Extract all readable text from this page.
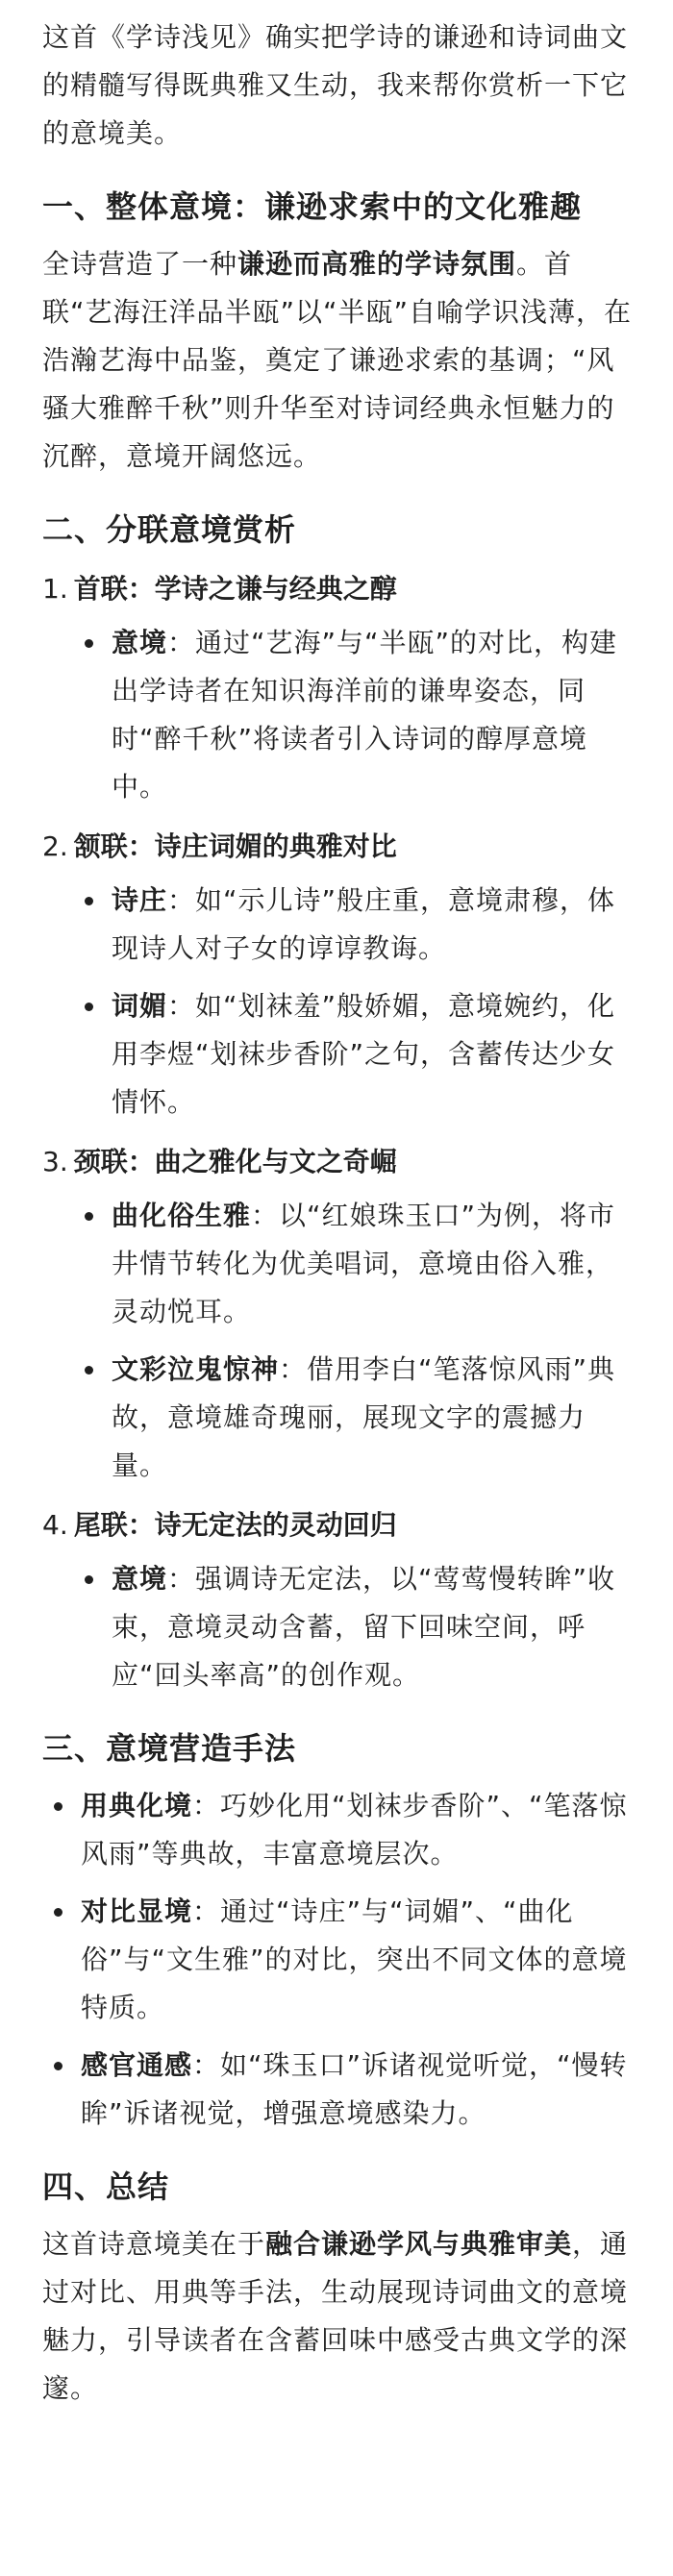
这首《学诗浅见》确实把学诗的谦逊和诗词曲文的精髓写得既典雅又生动，我来帮你赏析一下它的意境美。

一、整体意境：谦逊求索中的文化雅趣

全诗营造了一种谦逊而高雅的学诗氛围。首联“艺海汪洋品半瓯”以“半瓯”自喻学识浅薄，在浩瀚艺海中品鉴，奠定了谦逊求索的基调；“风骚大雅醉千秋”则升华至对诗词经典永恒魅力的沉醉，意境开阔悠远。

二、分联意境赏析
1. 首联：学诗之谦与经典之醇

意境：通过“艺海”与“半瓯”的对比，构建出学诗者在知识海洋前的谦卑姿态，同时“醉千秋”将读者引入诗词的醇厚意境中。

2. 颔联：诗庄词媚的典雅对比

诗庄：如“示儿诗”般庄重，意境肃穆，体现诗人对子女的谆谆教诲。

词媚：如“划袜羞”般娇媚，意境婉约，化用李煜“划袜步香阶”之句，含蓄传达少女情怀。

3. 颈联：曲之雅化与文之奇崛

曲化俗生雅：以“红娘珠玉口”为例，将市井情节转化为优美唱词，意境由俗入雅，灵动悦耳。

文彩泣鬼惊神：借用李白“笔落惊风雨”典故，意境雄奇瑰丽，展现文字的震撼力量。

4. 尾联：诗无定法的灵动回归

意境：强调诗无定法，以“莺莺慢转眸”收束，意境灵动含蓄，留下回味空间，呼应“回头率高”的创作观。

三、意境营造手法

用典化境：巧妙化用“划袜步香阶”、“笔落惊风雨”等典故，丰富意境层次。

对比显境：通过“诗庄”与“词媚”、“曲化俗”与“文生雅”的对比，突出不同文体的意境特质。

感官通感：如“珠玉口”诉诸视觉听觉，“慢转眸”诉诸视觉，增强意境感染力。

四、总结

这首诗意境美在于融合谦逊学风与典雅审美，通过对比、用典等手法，生动展现诗词曲文的意境魅力，引导读者在含蓄回味中感受古典文学的深邃。
